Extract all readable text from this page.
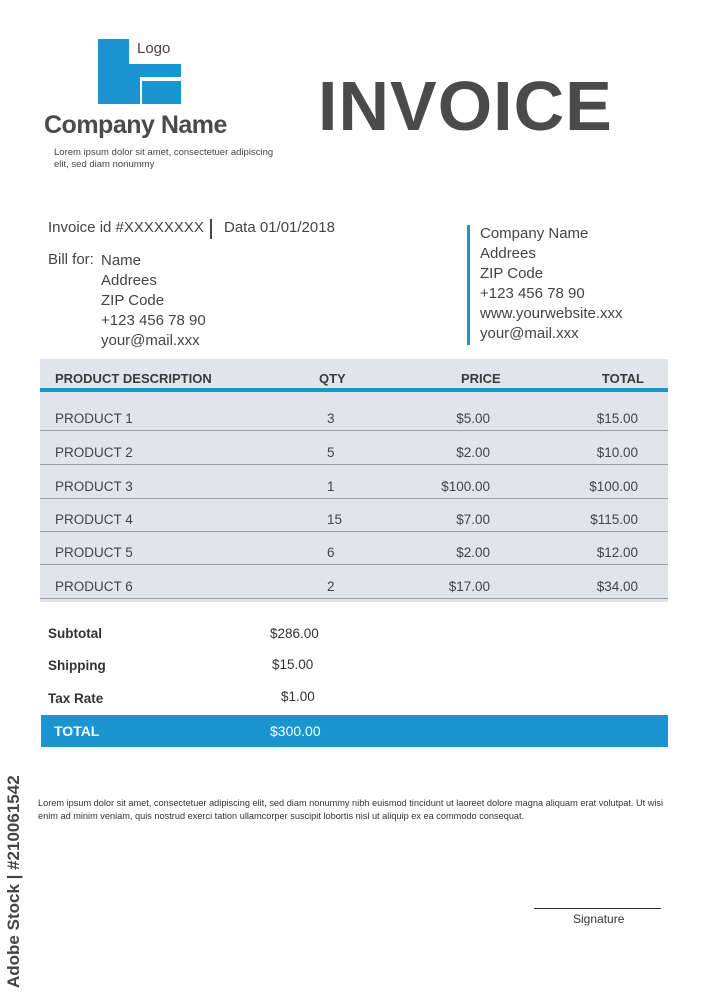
Logo
Company Name
Lorem ipsum dolor sit amet, consectetuer adipiscing elit, sed diam nonummy
INVOICE
Invoice id #XXXXXXXX Data 01/01/2018
Bill for: Name
Addrees
ZIP Code
+123 456 78 90
your@mail.xxx
Company Name
Addrees
ZIP Code
+123 456 78 90
www.yourwebsite.xxx
your@mail.xxx
PRODUCT DESCRIPTION	QTY	PRICE	TOTAL
PRODUCT 1	3	$5.00	$15.00
PRODUCT 2	5	$2.00	$10.00
PRODUCT 3	1	$100.00	$100.00
PRODUCT 4	15	$7.00	$115.00
PRODUCT 5	6	$2.00	$12.00
PRODUCT 6	2	$17.00	$34.00
Subtotal	$286.00
Shipping	$15.00
Tax Rate	$1.00
TOTAL	$300.00
Lorem ipsum dolor sit amet, consectetuer adipiscing elit, sed diam nonummy nibh euismod tincidunt ut laoreet dolore magna aliquam erat volutpat. Ut wisi enim ad minim veniam, quis nostrud exerci tation ullamcorper suscipit lobortis nisl ut aliquip ex ea commodo consequat.
Signature
Adobe Stock | #210061542
